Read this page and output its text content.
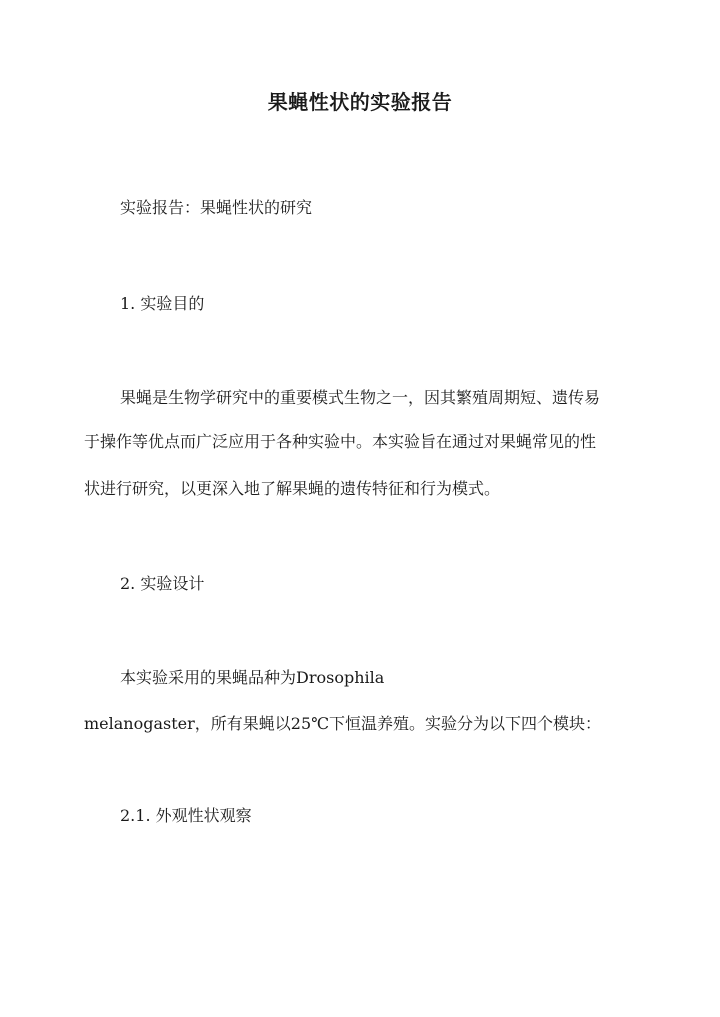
果蝇性状的实验报告
实验报告：果蝇性状的研究
1. 实验目的
果蝇是生物学研究中的重要模式生物之一，因其繁殖周期短、遗传易
于操作等优点而广泛应用于各种实验中。本实验旨在通过对果蝇常见的性
状进行研究，以更深入地了解果蝇的遗传特征和行为模式。
2. 实验设计
本实验采用的果蝇品种为Drosophila
melanogaster，所有果蝇以25℃下恒温养殖。实验分为以下四个模块：
2.1. 外观性状观察
